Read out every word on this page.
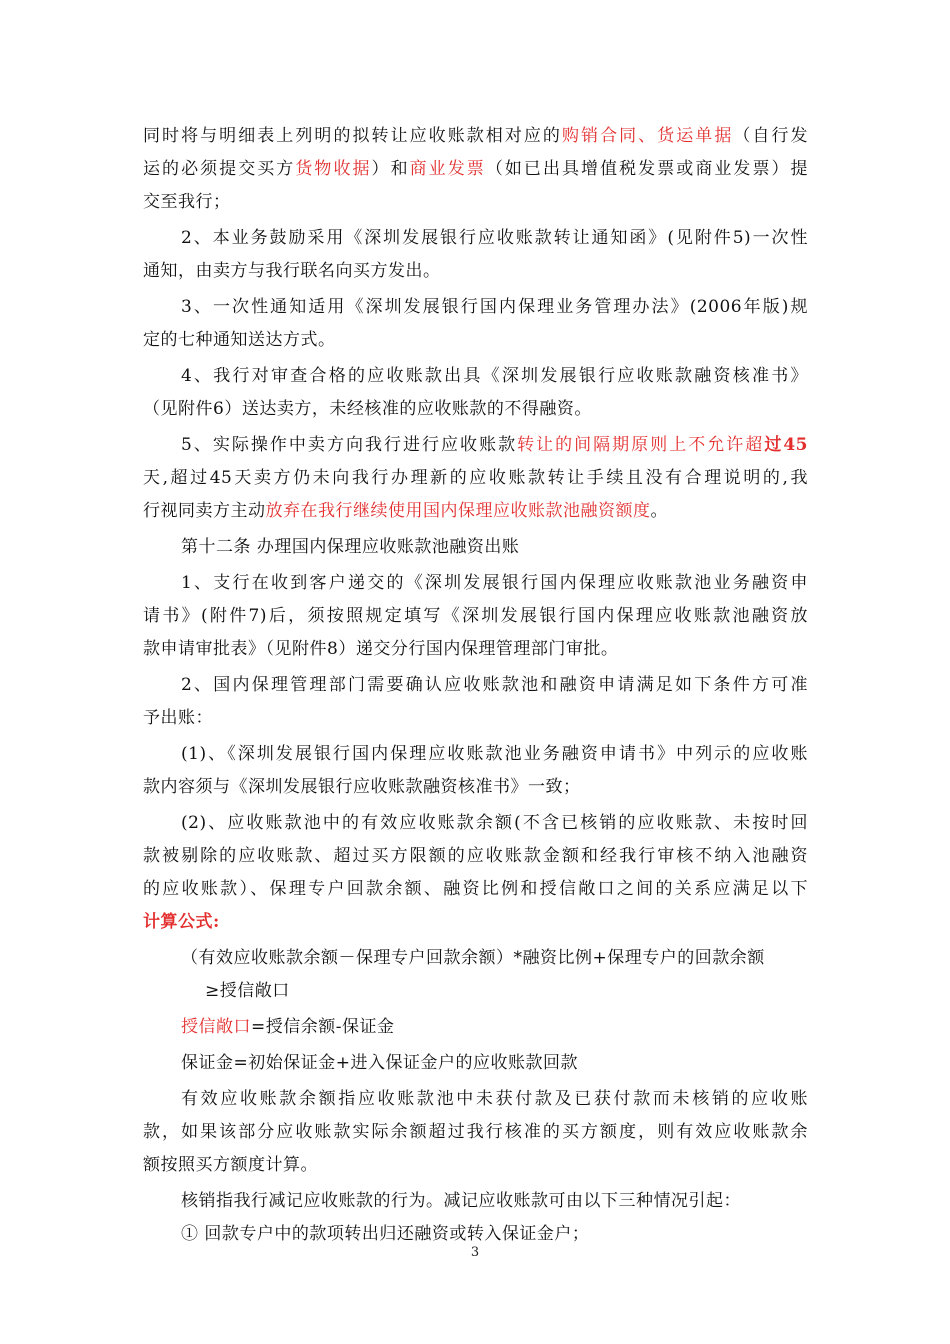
同时将与明细表上列明的拟转让应收账款相对应的购销合同、货运单据（自行发
运的必须提交买方货物收据）和商业发票（如已出具增值税发票或商业发票）提
交至我行；
2、本业务鼓励采用《深圳发展银行应收账款转让通知函》(见附件5)一次性
通知，由卖方与我行联名向买方发出。
3、一次性通知适用《深圳发展银行国内保理业务管理办法》(2006年版)规
定的七种通知送达方式。
4、我行对审查合格的应收账款出具《深圳发展银行应收账款融资核准书》
（见附件6）送达卖方，未经核准的应收账款的不得融资。
5、实际操作中卖方向我行进行应收账款转让的间隔期原则上不允许超过45
天,超过45天卖方仍未向我行办理新的应收账款转让手续且没有合理说明的,我
行视同卖方主动放弃在我行继续使用国内保理应收账款池融资额度。
第十二条 办理国内保理应收账款池融资出账
1、支行在收到客户递交的《深圳发展银行国内保理应收账款池业务融资申
请书》(附件7)后，须按照规定填写《深圳发展银行国内保理应收账款池融资放
款申请审批表》（见附件8）递交分行国内保理管理部门审批。
2、国内保理管理部门需要确认应收账款池和融资申请满足如下条件方可准
予出账：
(1)、《深圳发展银行国内保理应收账款池业务融资申请书》中列示的应收账
款内容须与《深圳发展银行应收账款融资核准书》一致；
(2)、应收账款池中的有效应收账款余额(不含已核销的应收账款、未按时回
款被剔除的应收账款、超过买方限额的应收账款金额和经我行审核不纳入池融资
的应收账款）、保理专户回款余额、融资比例和授信敞口之间的关系应满足以下
计算公式:
（有效应收账款余额－保理专户回款余额）*融资比例+保理专户的回款余额
≥授信敞口
授信敞口=授信余额-保证金
保证金=初始保证金+进入保证金户的应收账款回款
有效应收账款余额指应收账款池中未获付款及已获付款而未核销的应收账
款，如果该部分应收账款实际余额超过我行核准的买方额度，则有效应收账款余
额按照买方额度计算。
核销指我行减记应收账款的行为。减记应收账款可由以下三种情况引起：
① 回款专户中的款项转出归还融资或转入保证金户；
3
